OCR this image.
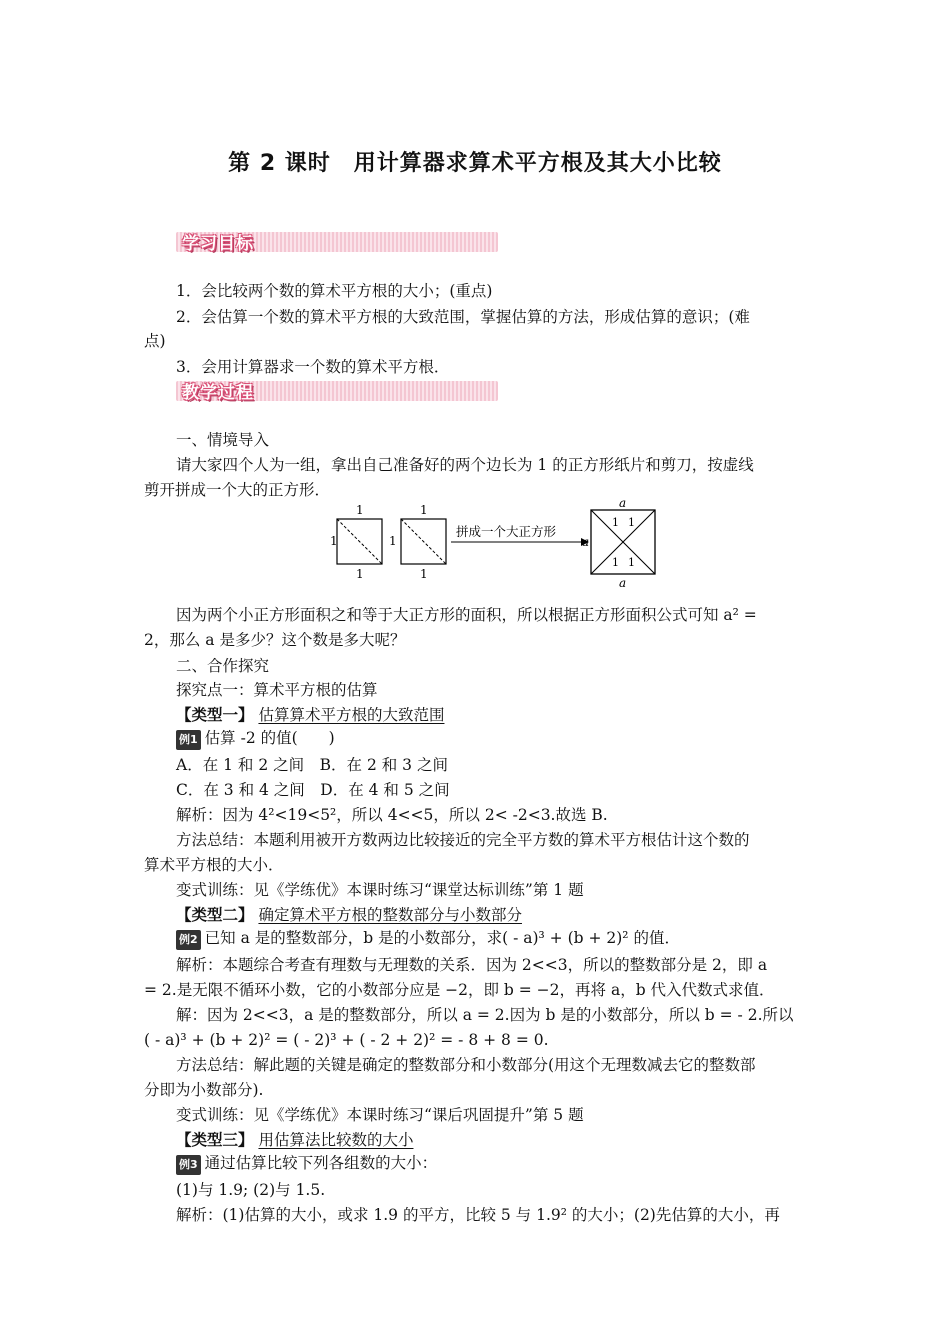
第 2 课时　用计算器求算术平方根及其大小比较
学习目标
1．会比较两个数的算术平方根的大小；(重点)
2．会估算一个数的算术平方根的大致范围，掌握估算的方法，形成估算的意识；(难
点)
3．会用计算器求一个数的算术平方根．
教学过程
一、情境导入
请大家四个人为一组，拿出自己准备好的两个边长为 1 的正方形纸片和剪刀，按虚线
剪开拼成一个大的正方形．
1
1
1
1
1
1
拼成一个大正方形
a
a
a
1 1
1 1
因为两个小正方形面积之和等于大正方形的面积，所以根据正方形面积公式可知 a² =
2，那么 a 是多少？这个数是多大呢？
二、合作探究
探究点一：算术平方根的估算
【类型一】 估算算术平方根的大致范围
例1 估算 -2 的值(　　)
A．在 1 和 2 之间　B．在 2 和 3 之间
C．在 3 和 4 之间　D．在 4 和 5 之间
解析：因为 4²<19<5²，所以 4<<5，所以 2< -2<3.故选 B.
方法总结：本题利用被开方数两边比较接近的完全平方数的算术平方根估计这个数的
算术平方根的大小．
变式训练：见《学练优》本课时练习“课堂达标训练”第 1 题
【类型二】 确定算术平方根的整数部分与小数部分
例2 已知 a 是的整数部分，b 是的小数部分，求( - a)³ + (b + 2)² 的值．
解析：本题综合考查有理数与无理数的关系．因为 2<<3，所以的整数部分是 2，即 a
= 2.是无限不循环小数，它的小数部分应是 −2，即 b = −2，再将 a，b 代入代数式求值．
解：因为 2<<3，a 是的整数部分，所以 a = 2.因为 b 是的小数部分，所以 b = - 2.所以
( - a)³ + (b + 2)² = ( - 2)³ + ( - 2 + 2)² = - 8 + 8 = 0.
方法总结：解此题的关键是确定的整数部分和小数部分(用这个无理数减去它的整数部
分即为小数部分).
变式训练：见《学练优》本课时练习“课后巩固提升”第 5 题
【类型三】 用估算法比较数的大小
例3 通过估算比较下列各组数的大小：
(1)与 1.9; (2)与 1.5.
解析：(1)估算的大小，或求 1.9 的平方，比较 5 与 1.9² 的大小；(2)先估算的大小，再
